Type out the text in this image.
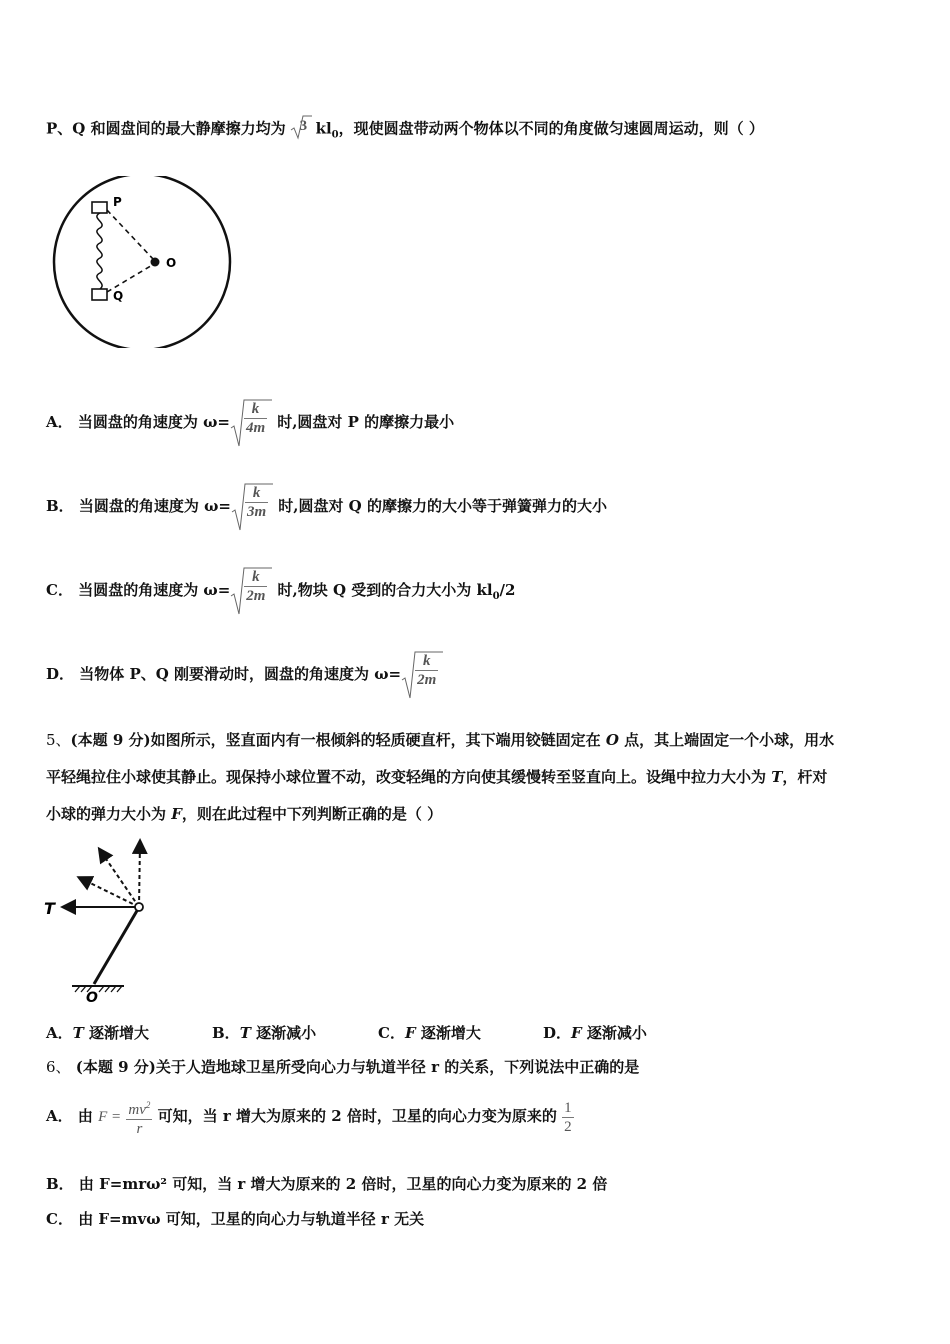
P、Q 和圆盘间的最大静摩擦力均为 3 $kl_0$，现使圆盘带动两个物体以不同的角度做匀速圆周运动，则（ ）
P
Q
O
A． 当圆盘的角速度为 $\omega= \frac{k}{4m}$ 时,圆盘对 P 的摩擦力最小
B． 当圆盘的角速度为 $\omega= \frac{k}{3m}$ 时,圆盘对 Q 的摩擦力的大小等于弹簧弹力的大小
C． 当圆盘的角速度为 $\omega= \frac{k}{2m}$ 时,物块 Q 受到的合力大小为 $kl_0/2$
D． 当物体 P、Q 刚要滑动时，圆盘的角速度为 $\omega= \frac{k}{2m}$
5、(本题 9 分)如图所示，竖直面内有一根倾斜的轻质硬直杆，其下端用铰链固定在 O 点，其上端固定一个小球，用水
平轻绳拉住小球使其静止。现保持小球位置不动，改变轻绳的方向使其缓慢转至竖直向上。设绳中拉力大小为 T，杆对
小球的弹力大小为 F，则在此过程中下列判断正确的是（ ）
T
O
A．T 逐渐增大	B．T 逐渐减小	C．F 逐渐增大	D．F 逐渐减小
6、 (本题 9 分)关于人造地球卫星所受向心力与轨道半径 r 的关系，下列说法中正确的是
A． 由 $F = \frac{mv^2}{r}$ 可知，当 r 增大为原来的 2 倍时，卫星的向心力变为原来的 $\frac{1}{2}$
B． 由 F=mrω² 可知，当 r 增大为原来的 2 倍时，卫星的向心力变为原来的 2 倍
C． 由 F=mvω 可知，卫星的向心力与轨道半径 r 无关
